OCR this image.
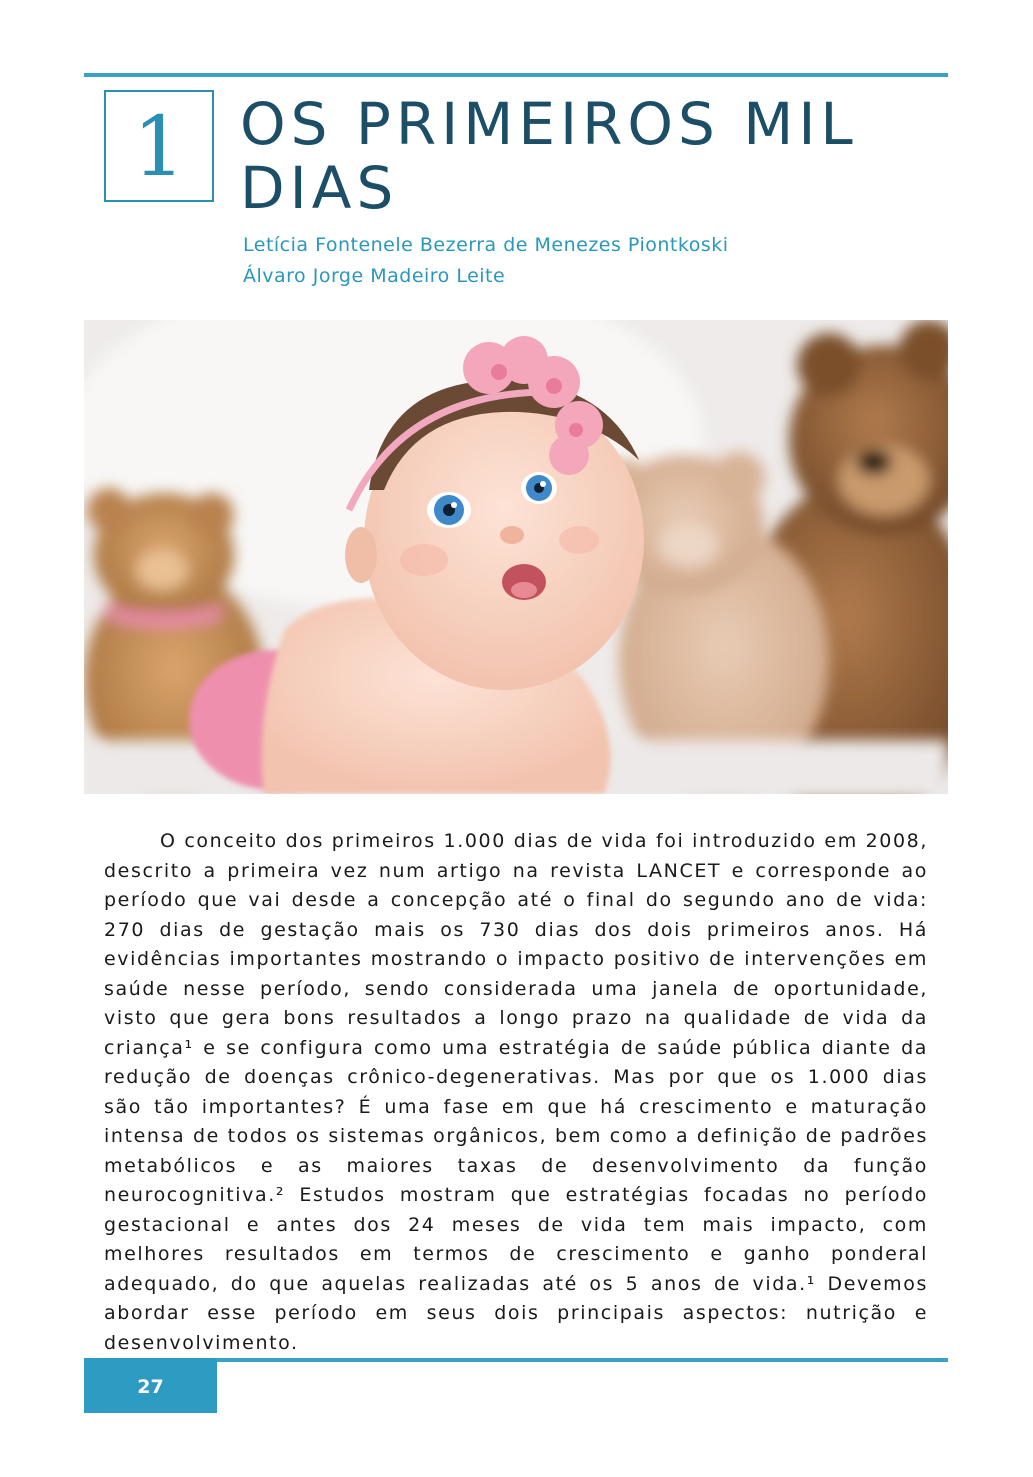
1 OS PRIMEIROS MIL DIAS
Letícia Fontenele Bezerra de Menezes Piontkoski
Álvaro Jorge Madeiro Leite

O conceito dos primeiros 1.000 dias de vida foi introduzido em 2008, descrito a primeira vez num artigo na revista LANCET e corresponde ao período que vai desde a concepção até o final do segundo ano de vida: 270 dias de gestação mais os 730 dias dos dois primeiros anos. Há evidências importantes mostrando o impacto positivo de intervenções em saúde nesse período, sendo considerada uma janela de oportunidade, visto que gera bons resultados a longo prazo na qualidade de vida da criança¹ e se configura como uma estratégia de saúde pública diante da redução de doenças crônico-degenerativas. Mas por que os 1.000 dias são tão importantes? É uma fase em que há crescimento e maturação intensa de todos os sistemas orgânicos, bem como a definição de padrões metabólicos e as maiores taxas de desenvolvimento da função neurocognitiva.² Estudos mostram que estratégias focadas no período gestacional e antes dos 24 meses de vida tem mais impacto, com melhores resultados em termos de crescimento e ganho ponderal adequado, do que aquelas realizadas até os 5 anos de vida.¹ Devemos abordar esse período em seus dois principais aspectos: nutrição e desenvolvimento.

27
